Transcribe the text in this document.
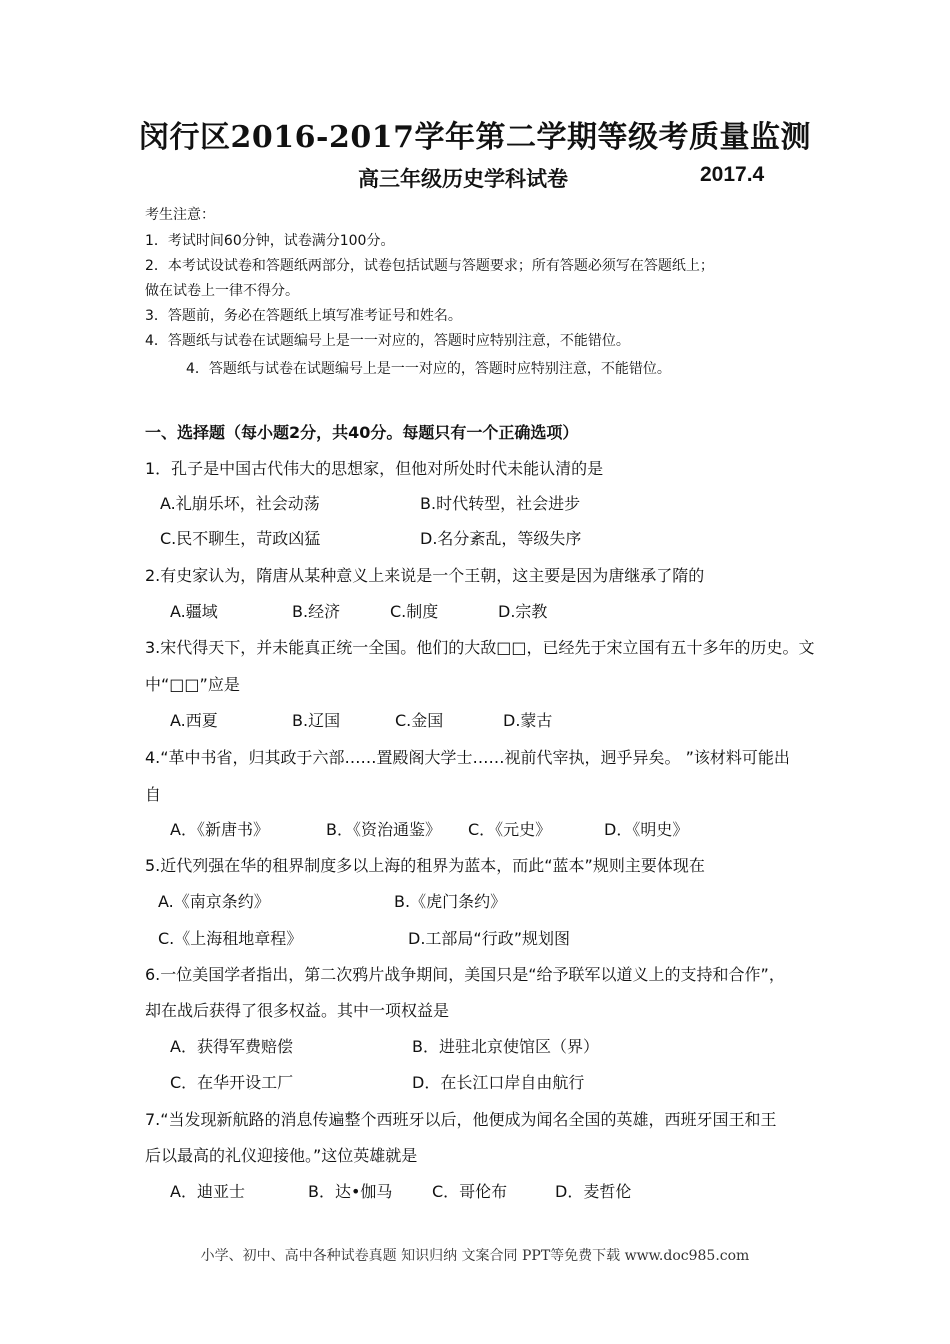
闵行区2016-2017学年第二学期等级考质量监测
高三年级历史学科试卷	2017.4
考生注意：
1．考试时间60分钟，试卷满分100分。
2．本考试设试卷和答题纸两部分，试卷包括试题与答题要求；所有答题必须写在答题纸上；
做在试卷上一律不得分。
3．答题前，务必在答题纸上填写准考证号和姓名。
4．答题纸与试卷在试题编号上是一一对应的，答题时应特别注意，不能错位。
4．答题纸与试卷在试题编号上是一一对应的，答题时应特别注意，不能错位。
一、选择题（每小题2分，共40分。每题只有一个正确选项）
1．孔子是中国古代伟大的思想家，但他对所处时代未能认清的是
A.礼崩乐坏，社会动荡	B.时代转型，社会进步
C.民不聊生，苛政凶猛	D.名分紊乱，等级失序
2.有史家认为，隋唐从某种意义上来说是一个王朝，这主要是因为唐继承了隋的
A.疆域	B.经济	C.制度	D.宗教
3.宋代得天下，并未能真正统一全国。他们的大敌□□，已经先于宋立国有五十多年的历史。文
中“□□”应是
A.西夏	B.辽国	C.金国	D.蒙古
4.“革中书省，归其政于六部……置殿阁大学士……视前代宰执，迥乎异矣。 ”该材料可能出
自
A．《新唐书》	B．《资治通鉴》 C．《元史》	D．《明史》
5.近代列强在华的租界制度多以上海的租界为蓝本，而此“蓝本”规则主要体现在
A.《南京条约》	B.《虎门条约》
C.《上海租地章程》	D.工部局“行政”规划图
6.一位美国学者指出，第二次鸦片战争期间，美国只是“给予联军以道义上的支持和合作”，
却在战后获得了很多权益。其中一项权益是
A．获得军费赔偿	B．进驻北京使馆区（界）
C．在华开设工厂	D．在长江口岸自由航行
7.“当发现新航路的消息传遍整个西班牙以后，他便成为闻名全国的英雄，西班牙国王和王
后以最高的礼仪迎接他。”这位英雄就是
A．迪亚士	B．达•伽马 C．哥伦布	D．麦哲伦
小学、初中、高中各种试卷真题 知识归纳 文案合同 PPT等免费下载 www.doc985.com
